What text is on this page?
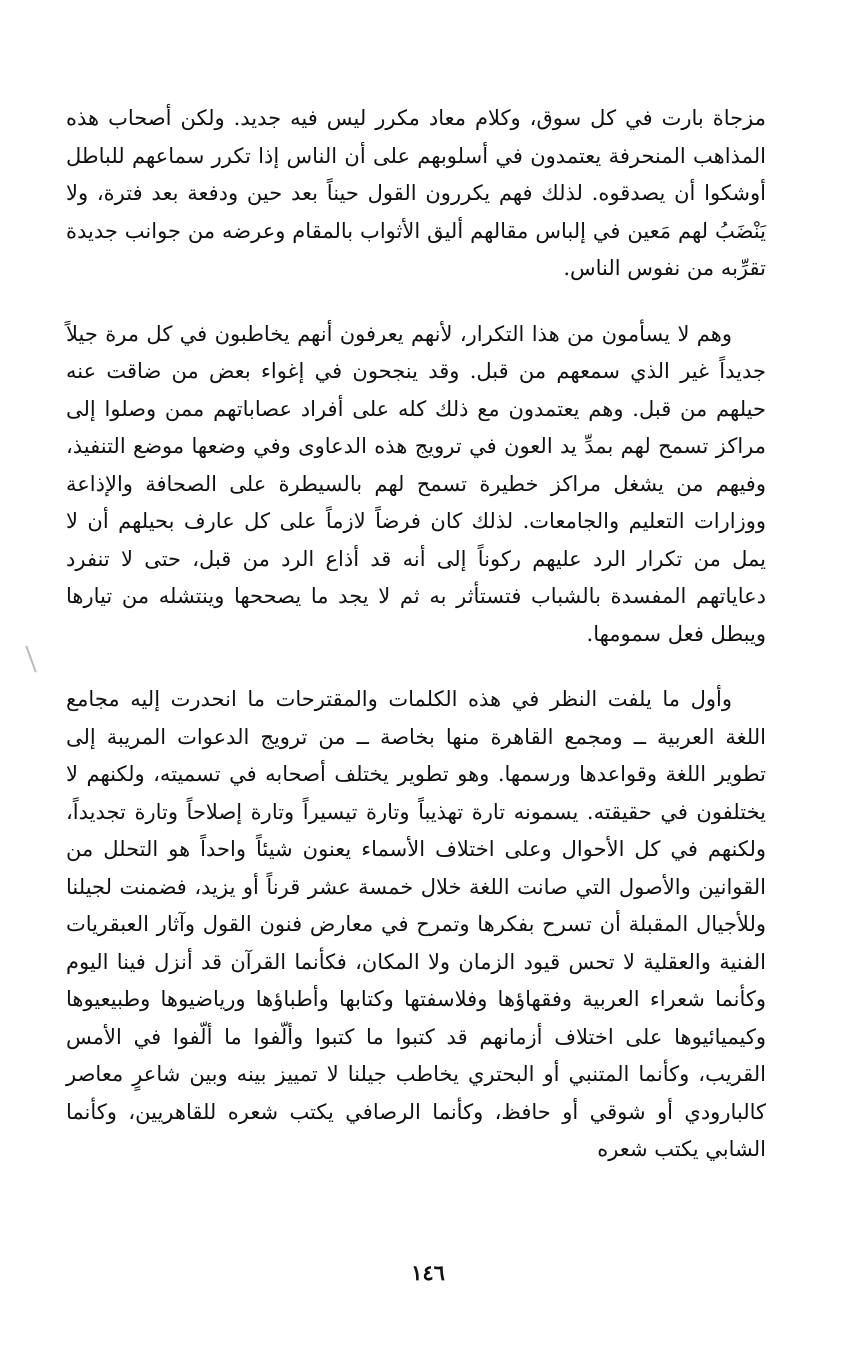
مزجاة بارت في كل سوق، وكلام معاد مكرر ليس فيه جديد. ولكن أصحاب هذه المذاهب المنحرفة يعتمدون في أسلوبهم على أن الناس إذا تكرر سماعهم للباطل أوشكوا أن يصدقوه. لذلك فهم يكررون القول حيناً بعد حين ودفعة بعد فترة، ولا يَنْضَبُ لهم مَعين في إلباس مقالهم أليق الأثواب بالمقام وعرضه من جوانب جديدة تقرِّبه من نفوس الناس.

وهم لا يسأمون من هذا التكرار، لأنهم يعرفون أنهم يخاطبون في كل مرة جيلاً جديداً غير الذي سمعهم من قبل. وقد ينجحون في إغواء بعض من ضاقت عنه حيلهم من قبل. وهم يعتمدون مع ذلك كله على أفراد عصاباتهم ممن وصلوا إلى مراكز تسمح لهم بمدِّ يد العون في ترويج هذه الدعاوى وفي وضعها موضع التنفيذ، وفيهم من يشغل مراكز خطيرة تسمح لهم بالسيطرة على الصحافة والإذاعة ووزارات التعليم والجامعات. لذلك كان فرضاً لازماً على كل عارف بحيلهم أن لا يمل من تكرار الرد عليهم ركوناً إلى أنه قد أذاع الرد من قبل، حتى لا تنفرد دعاياتهم المفسدة بالشباب فتستأثر به ثم لا يجد ما يصححها وينتشله من تيارها ويبطل فعل سمومها.

وأول ما يلفت النظر في هذه الكلمات والمقترحات ما انحدرت إليه مجامع اللغة العربية ــ ومجمع القاهرة منها بخاصة ــ من ترويج الدعوات المريبة إلى تطوير اللغة وقواعدها ورسمها. وهو تطوير يختلف أصحابه في تسميته، ولكنهم لا يختلفون في حقيقته. يسمونه تارة تهذيباً وتارة تيسيراً وتارة إصلاحاً وتارة تجديداً، ولكنهم في كل الأحوال وعلى اختلاف الأسماء يعنون شيئاً واحداً هو التحلل من القوانين والأصول التي صانت اللغة خلال خمسة عشر قرناً أو يزيد، فضمنت لجيلنا وللأجيال المقبلة أن تسرح بفكرها وتمرح في معارض فنون القول وآثار العبقريات الفنية والعقلية لا تحس قيود الزمان ولا المكان، فكأنما القرآن قد أنزل فينا اليوم وكأنما شعراء العربية وفقهاؤها وفلاسفتها وكتابها وأطباؤها ورياضيوها وطبيعيوها وكيميائيوها على اختلاف أزمانهم قد كتبوا ما كتبوا وألّفوا ما ألّفوا في الأمس القريب، وكأنما المتنبي أو البحتري يخاطب جيلنا لا تمييز بينه وبين شاعرٍ معاصر كالبارودي أو شوقي أو حافظ، وكأنما الرصافي يكتب شعره للقاهريين، وكأنما الشابي يكتب شعره

١٤٦
